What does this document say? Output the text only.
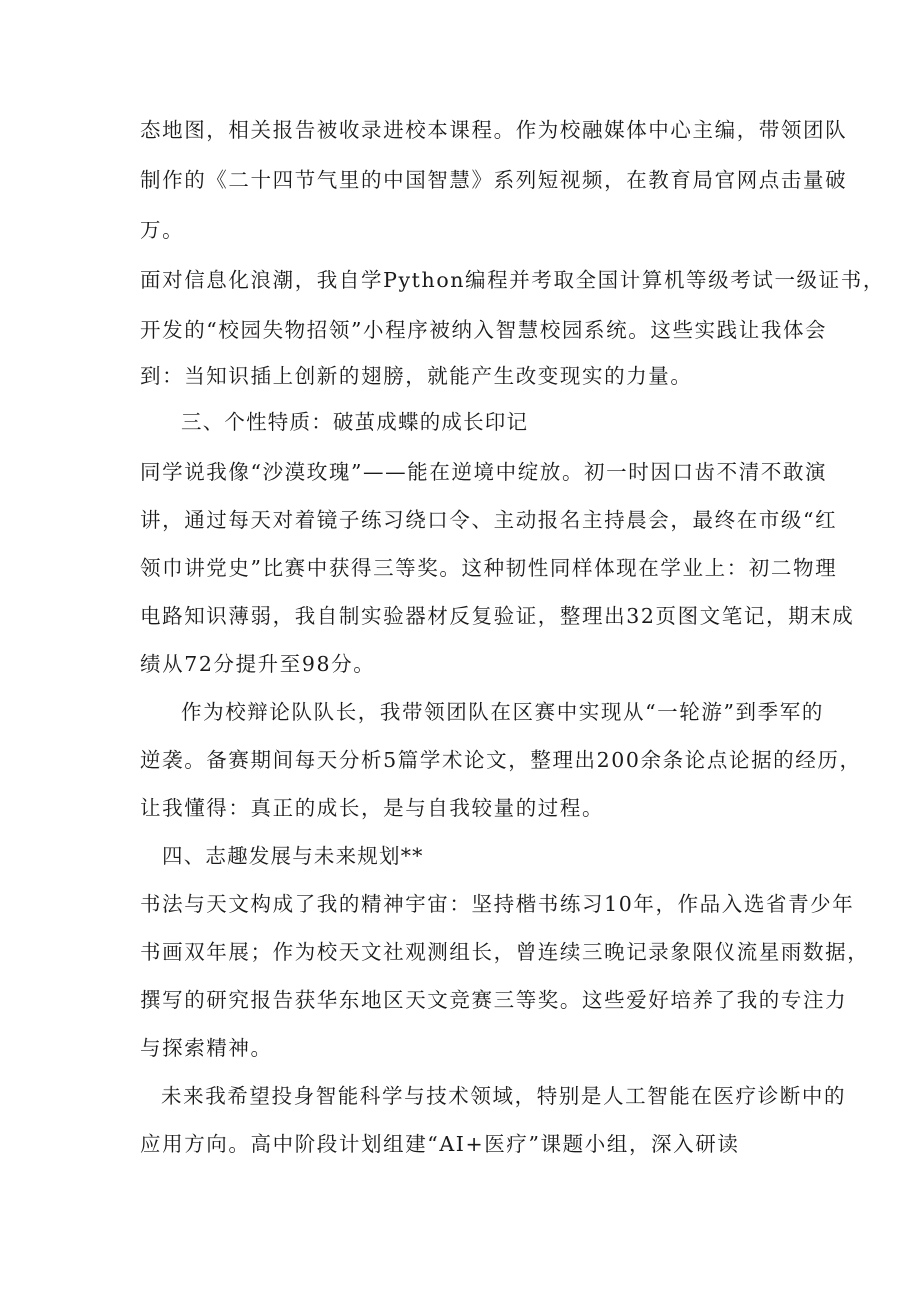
态地图，相关报告被收录进校本课程。作为校融媒体中心主编，带领团队
制作的《二十四节气里的中国智慧》系列短视频，在教育局官网点击量破
万。
面对信息化浪潮，我自学Python编程并考取全国计算机等级考试一级证书，
开发的“校园失物招领”小程序被纳入智慧校园系统。这些实践让我体会
到：当知识插上创新的翅膀，就能产生改变现实的力量。
三、个性特质：破茧成蝶的成长印记
同学说我像“沙漠玫瑰”——能在逆境中绽放。初一时因口齿不清不敢演
讲，通过每天对着镜子练习绕口令、主动报名主持晨会，最终在市级“红
领巾讲党史”比赛中获得三等奖。这种韧性同样体现在学业上：初二物理
电路知识薄弱，我自制实验器材反复验证，整理出32页图文笔记，期末成
绩从72分提升至98分。
作为校辩论队队长，我带领团队在区赛中实现从“一轮游”到季军的
逆袭。备赛期间每天分析5篇学术论文，整理出200余条论点论据的经历，
让我懂得：真正的成长，是与自我较量的过程。
四、志趣发展与未来规划**
书法与天文构成了我的精神宇宙：坚持楷书练习10年，作品入选省青少年
书画双年展；作为校天文社观测组长，曾连续三晚记录象限仪流星雨数据，
撰写的研究报告获华东地区天文竞赛三等奖。这些爱好培养了我的专注力
与探索精神。
未来我希望投身智能科学与技术领域，特别是人工智能在医疗诊断中的
应用方向。高中阶段计划组建“AI+医疗”课题小组，深入研读
